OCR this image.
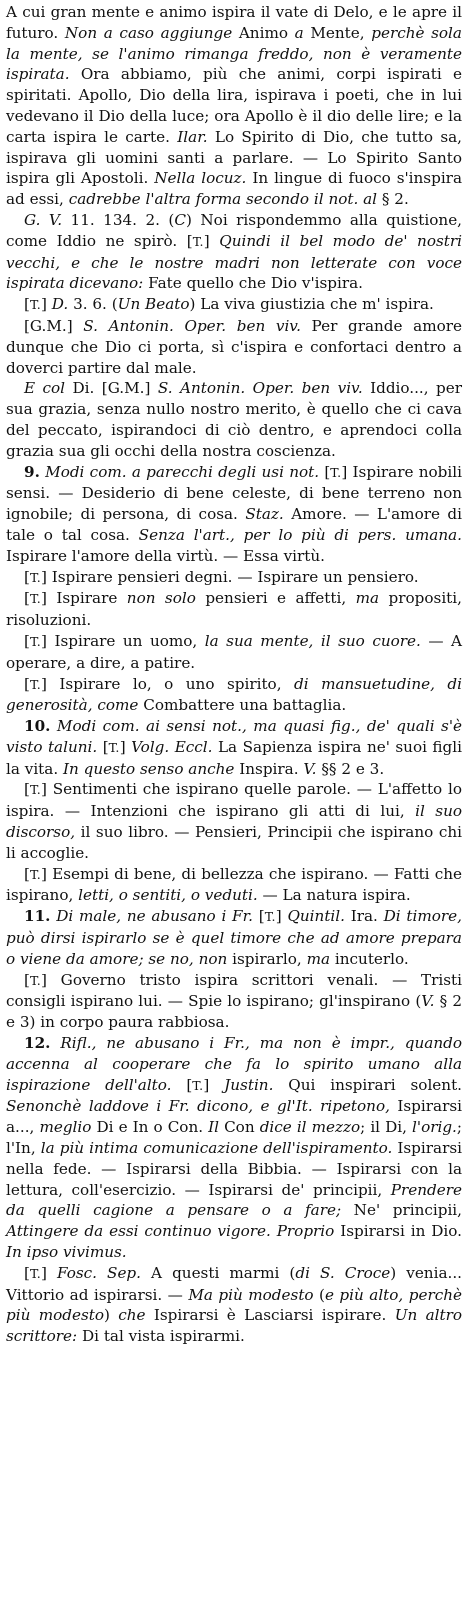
A cui gran mente e animo ispira il vate di Delo, e le apre il futuro. Non a caso aggiunge Animo a Mente, perchè sola la mente, se l'animo rimanga freddo, non è veramente ispirata. Ora abbiamo, più che animi, corpi ispirati e spiritati. Apollo, Dio della lira, ispirava i poeti, che in lui vedevano il Dio della luce; ora Apollo è il dio delle lire; e la carta ispira le carte. Ilar. Lo Spirito di Dio, che tutto sa, ispirava gli uomini santi a parlare. — Lo Spirito Santo ispira gli Apostoli. Nella locuz. In lingue di fuoco s'inspira ad essi, cadrebbe l'altra forma secondo il not. al § 2.

G. V. 11. 134. 2. (C) Noi rispondemmo alla quistione, come Iddio ne spirò. [T.] Quindi il bel modo de' nostri vecchi, e che le nostre madri non letterate con voce ispirata dicevano: Fate quello che Dio v'ispira.

[T.] D. 3. 6. (Un Beato) La viva giustizia che m' ispira.

[G.M.] S. Antonin. Oper. ben viv. Per grande amore dunque che Dio ci porta, sì c'ispira e confortaci dentro a doverci partire dal male.

E col Di. [G.M.] S. Antonin. Oper. ben viv. Iddio..., per sua grazia, senza nullo nostro merito, è quello che ci cava del peccato, ispirandoci di ciò dentro, e aprendoci colla grazia sua gli occhi della nostra coscienza.

9. Modi com. a parecchi degli usi not. [T.] Ispirare nobili sensi. — Desiderio di bene celeste, di bene terreno non ignobile; di persona, di cosa. Staz. Amore. — L'amore di tale o tal cosa. Senza l'art., per lo più di pers. umana. Ispirare l'amore della virtù. — Essa virtù.

[T.] Ispirare pensieri degni. — Ispirare un pensiero.

[T.] Ispirare non solo pensieri e affetti, ma propositi, risoluzioni.

[T.] Ispirare un uomo, la sua mente, il suo cuore. — A operare, a dire, a patire.

[T.] Ispirare lo, o uno spirito, di mansuetudine, di generosità, come Combattere una battaglia.

10. Modi com. ai sensi not., ma quasi fig., de' quali s'è visto taluni. [T.] Volg. Eccl. La Sapienza ispira ne' suoi figli la vita. In questo senso anche Inspira. V. §§ 2 e 3.

[T.] Sentimenti che ispirano quelle parole. — L'affetto lo ispira. — Intenzioni che ispirano gli atti di lui, il suo discorso, il suo libro. — Pensieri, Principii che ispirano chi li accoglie.

[T.] Esempi di bene, di bellezza che ispirano. — Fatti che ispirano, letti, o sentiti, o veduti. — La natura ispira.

11. Di male, ne abusano i Fr. [T.] Quintil. Ira. Di timore, può dirsi ispirarlo se è quel timore che ad amore prepara o viene da amore; se no, non ispirarlo, ma incuterlo.

[T.] Governo tristo ispira scrittori venali. — Tristi consigli ispirano lui. — Spie lo ispirano; gl'inspirano (V. § 2 e 3) in corpo paura rabbiosa.

12. Rifl., ne abusano i Fr., ma non è impr., quando accenna al cooperare che fa lo spirito umano alla ispirazione dell'alto. [T.] Justin. Qui inspirari solent. Senonchè laddove i Fr. dicono, e gl'It. ripetono, Ispirarsi a..., meglio Di e In o Con. Il Con dice il mezzo; il Di, l'orig.; l'In, la più intima comunicazione dell'ispiramento. Ispirarsi nella fede. — Ispirarsi della Bibbia. — Ispirarsi con la lettura, coll'esercizio. — Ispirarsi de' principii, Prendere da quelli cagione a pensare o a fare; Ne' principii, Attingere da essi continuo vigore. Proprio Ispirarsi in Dio. In ipso vivimus.

[T.] Fosc. Sep. A questi marmi (di S. Croce) venia... Vittorio ad ispirarsi. — Ma più modesto (e più alto, perchè più modesto) che Ispirarsi è Lasciarsi ispirare. Un altro scrittore: Di tal vista ispirarmi.
